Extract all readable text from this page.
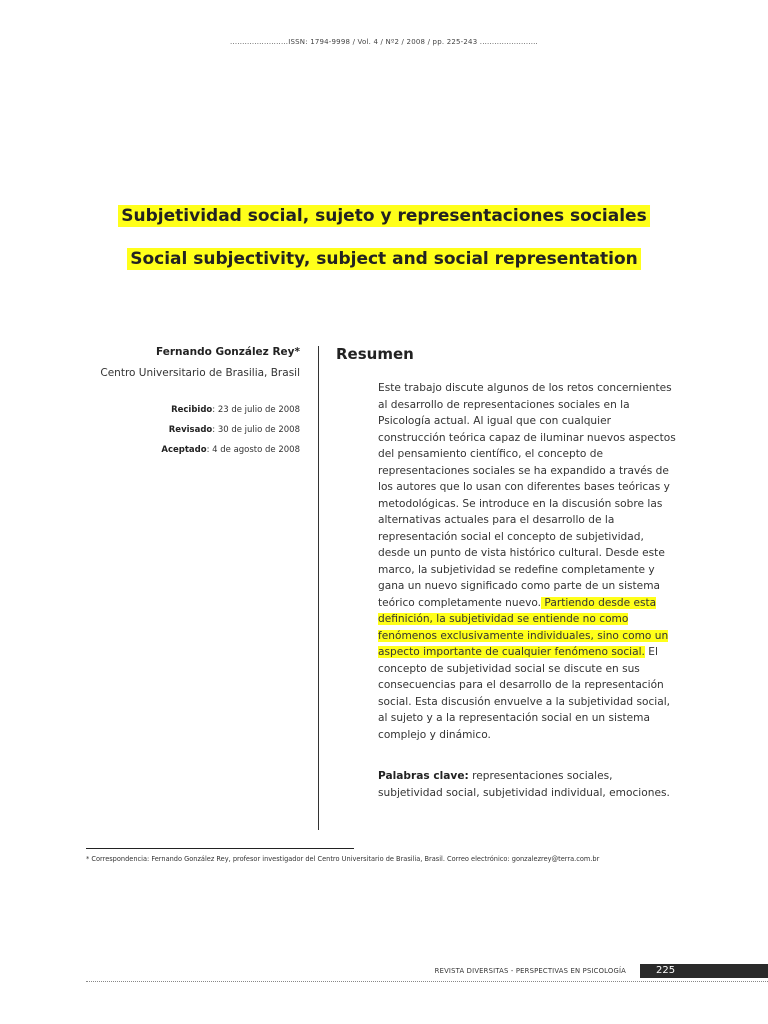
........................ISSN: 1794-9998 / Vol. 4 / Nº2 / 2008 / pp. 225-243 ........................
Subjetividad social, sujeto y representaciones sociales
Social subjectivity, subject and social representation
Fernando González Rey*
Centro Universitario de Brasilia, Brasil
Recibido: 23 de julio de 2008
Revisado: 30 de julio de 2008
Aceptado: 4 de agosto de 2008
Resumen

Este trabajo discute algunos de los retos concernientes al desarrollo de representaciones sociales en la Psicología actual. Al igual que con cualquier construcción teórica capaz de iluminar nuevos aspectos del pensamiento científico, el concepto de representaciones sociales se ha expandido a través de los autores que lo usan con diferentes bases teóricas y metodológicas. Se introduce en la discusión sobre las alternativas actuales para el desarrollo de la representación social el concepto de subjetividad, desde un punto de vista histórico cultural. Desde este marco, la subjetividad se redefine completamente y gana un nuevo significado como parte de un sistema teórico completamente nuevo. Partiendo desde esta definición, la subjetividad se entiende no como fenómenos exclusivamente individuales, sino como un aspecto importante de cualquier fenómeno social. El concepto de subjetividad social se discute en sus consecuencias para el desarrollo de la representación social. Esta discusión envuelve a la subjetividad social, al sujeto y a la representación social en un sistema complejo y dinámico.

Palabras clave: representaciones sociales, subjetividad social, subjetividad individual, emociones.
* Correspondencia: Fernando González Rey, profesor investigador del Centro Universitario de Brasilia, Brasil. Correo electrónico: gonzalezrey@terra.com.br
REVISTA DIVERSITAS - PERSPECTIVAS EN PSICOLOGÍA	225
